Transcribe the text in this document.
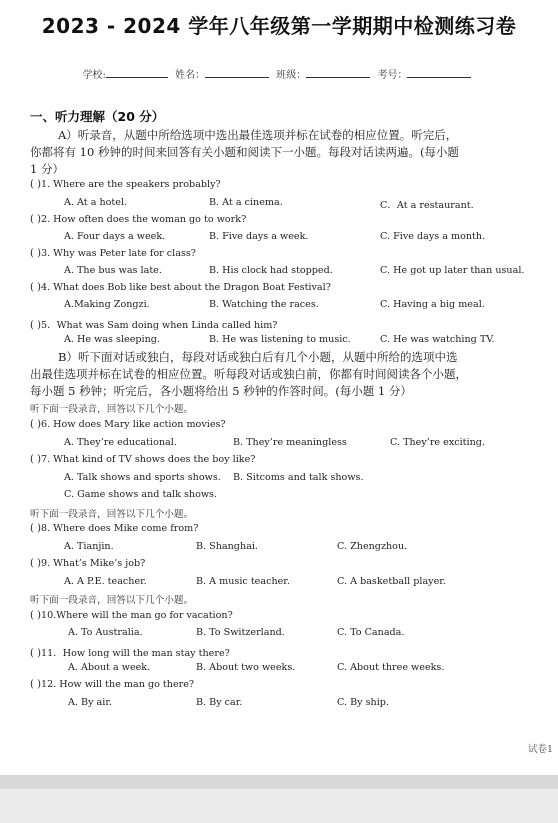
2023 - 2024 学年八年级第一学期期中检测练习卷
学校:	姓名：	班级：	考号：
一、听力理解（20 分）
A）听录音，从题中所给选项中选出最佳选项并标在试卷的相应位置。听完后，
你都将有 10 秒钟的时间来回答有关小题和阅读下一小题。每段对话读两遍。(每小题
1 分）
( )1. Where are the speakers probably?
A. At a hotel.	B. At a cinema.	C．At a restaurant.
( )2. How often does the woman go to work?
A. Four days a week.	B. Five days a week.	C. Five days a month.
( )3. Why was Peter late for class?
A. The bus was late.	B. His clock had stopped.	C. He got up later than usual.
( )4. What does Bob like best about the Dragon Boat Festival?
A.Making Zongzi.	B. Watching the races.	C. Having a big meal.
( )5．What was Sam doing when Linda called him?
A. He was sleeping.	B. He was listening to music.	C. He was watching TV.
B）听下面对话或独白，每段对话或独白后有几个小题，从题中所给的选项中选
出最佳选项并标在试卷的相应位置。听每段对话或独白前，你都有时间阅读各个小题，
每小题 5 秒钟；听完后，各小题将给出 5 秒钟的作答时间。(每小题 1 分）
听下面一段录音，回答以下几个小题。
( )6. How does Mary like action movies?
A. They’re educational.	B. They’re meaningless	C. They’re exciting.
( )7. What kind of TV shows does the boy like?
A. Talk shows and sports shows. B. Sitcoms and talk shows.
C. Game shows and talk shows.
听下面一段录音，回答以下几个小题。
( )8. Where does Mike come from?
A. Tianjin.	B. Shanghai.	C. Zhengzhou.
( )9. What’s Mike’s job?
A. A P.E. teacher.	B. A music teacher.	C. A basketball player.
听下面一段录音，回答以下几个小题。
( )10.Where will the man go for vacation?
A. To Australia.	B. To Switzerland.	C. To Canada.
( )11．How long will the man stay there?
A. About a week.	B. About two weeks.	C. About three weeks.
( )12. How will the man go there?
A. By air.	B. By car.	C. By ship.
试卷1
